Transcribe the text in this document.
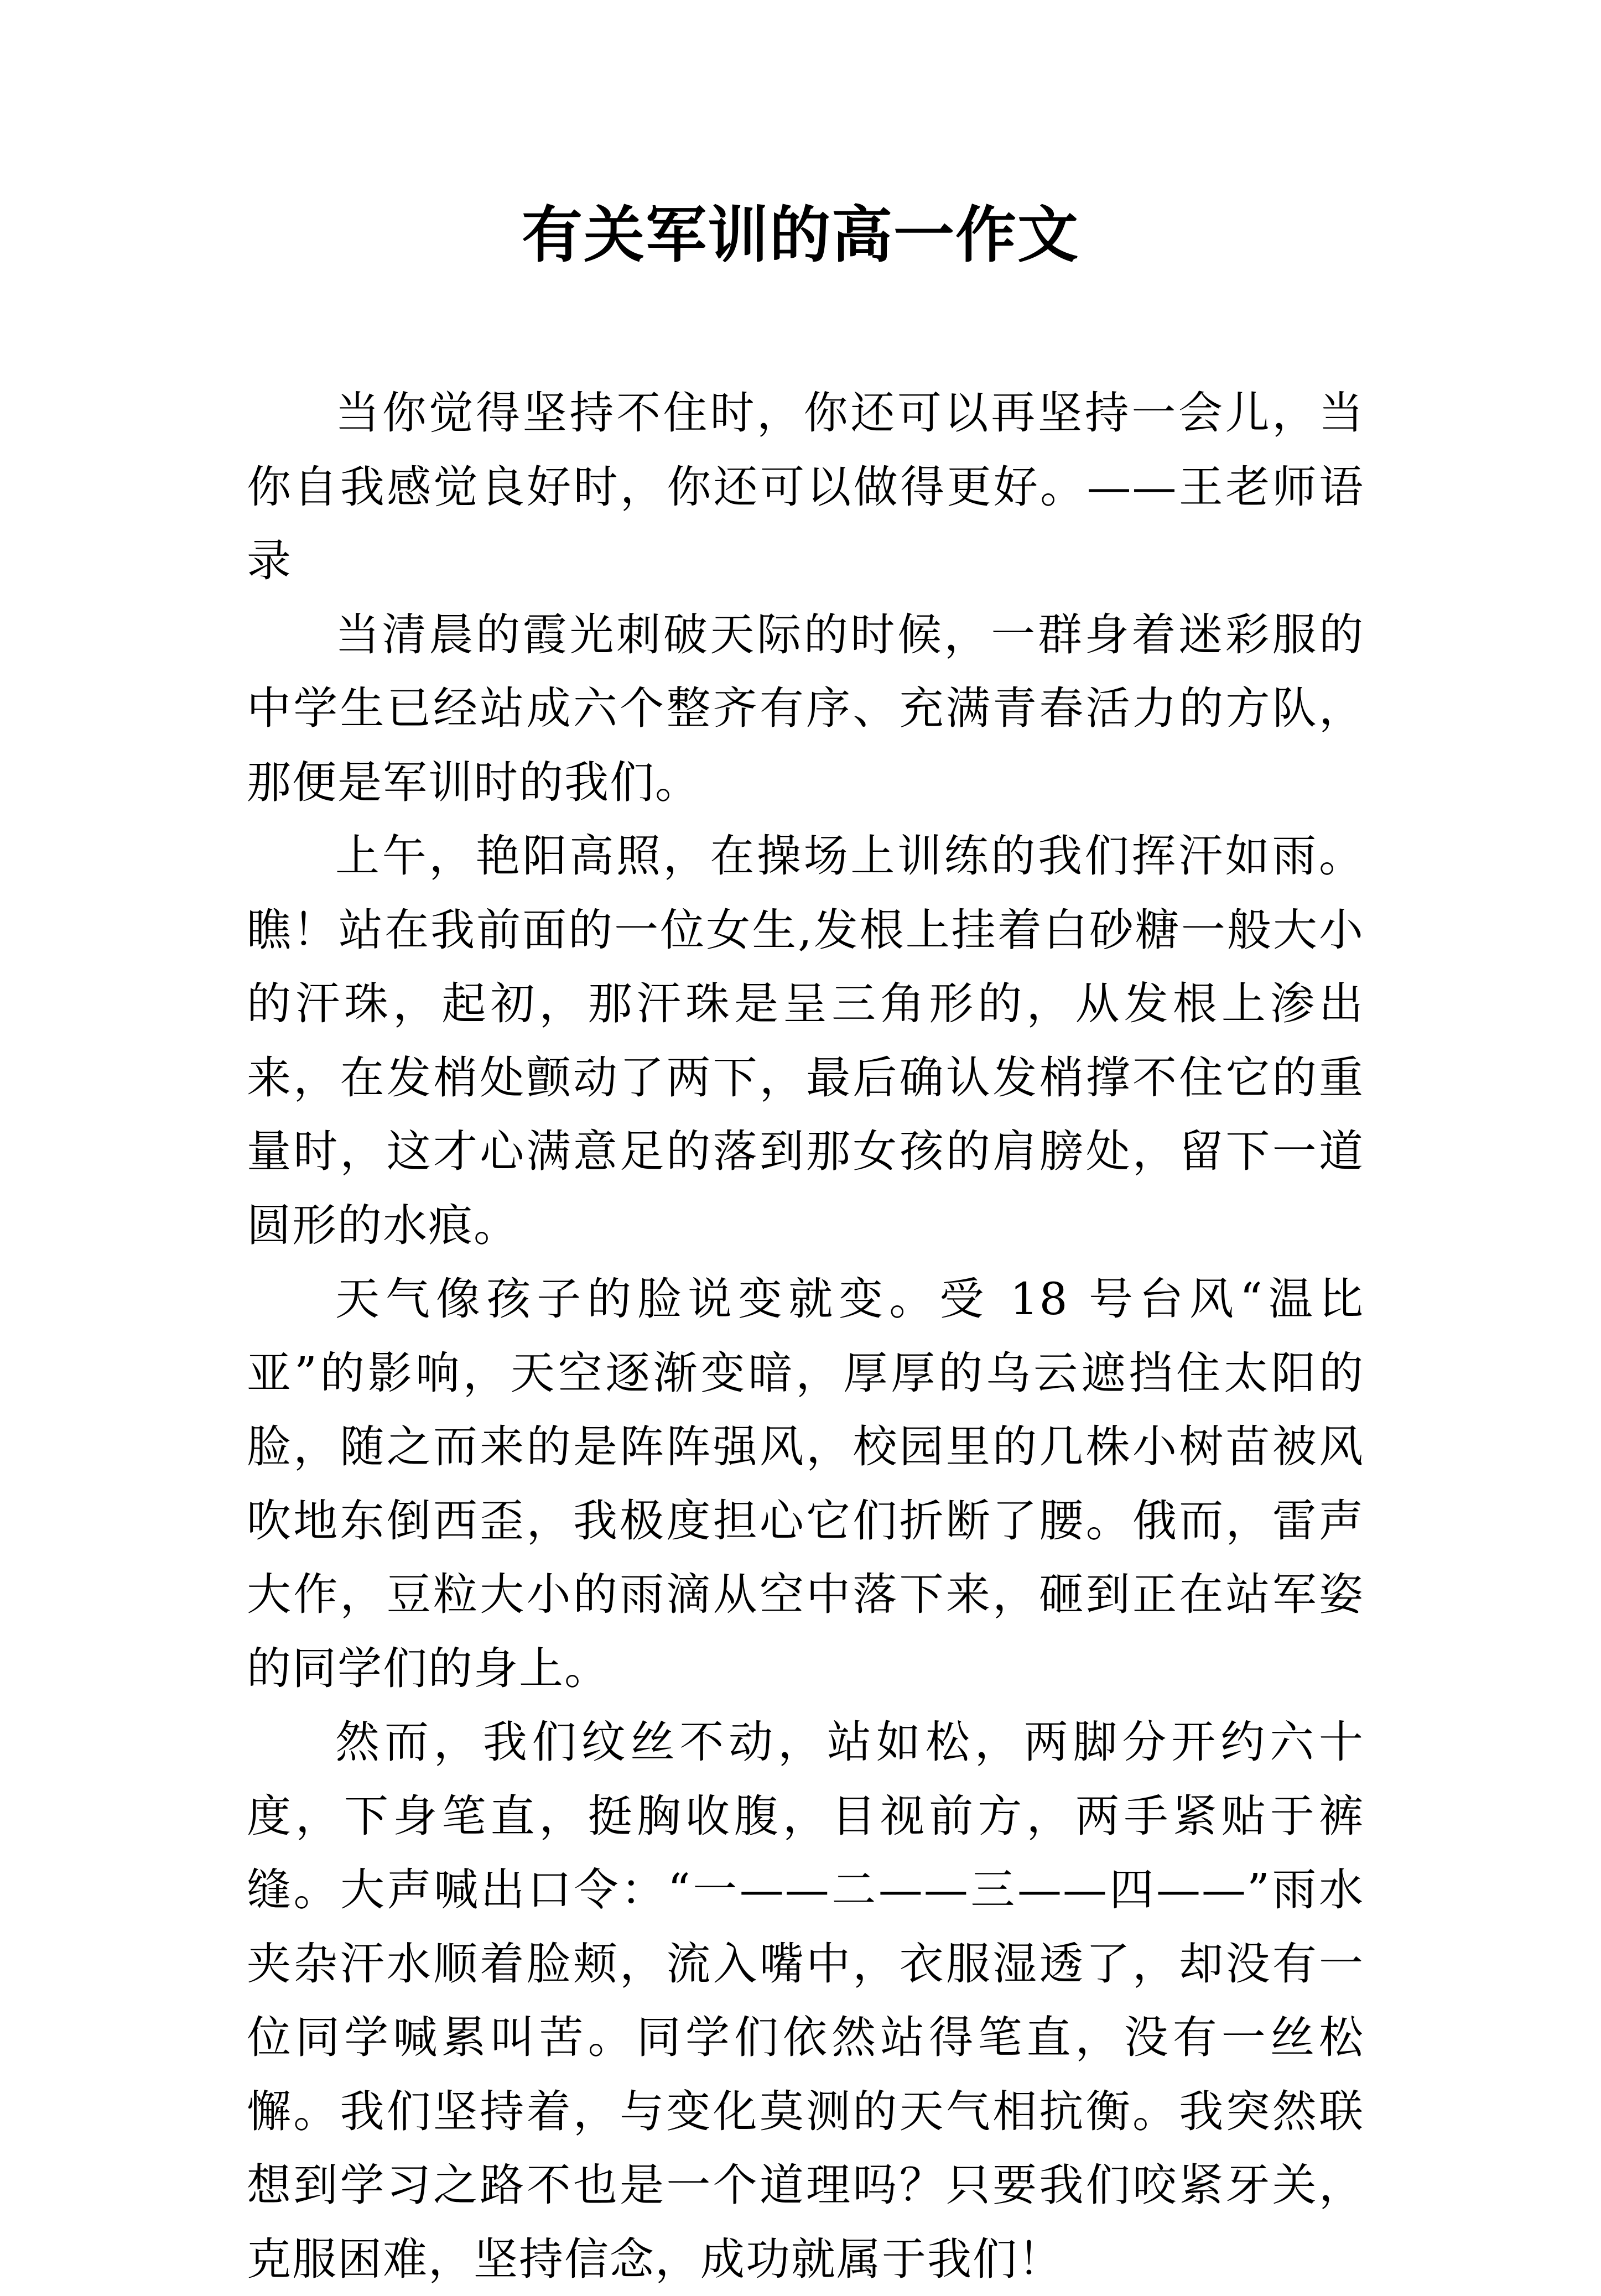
有关军训的高一作文

当你觉得坚持不住时，你还可以再坚持一会儿，当你自我感觉良好时，你还可以做得更好。——王老师语录

当清晨的霞光刺破天际的时候，一群身着迷彩服的中学生已经站成六个整齐有序、充满青春活力的方队，那便是军训时的我们。

上午，艳阳高照，在操场上训练的我们挥汗如雨。瞧！站在我前面的一位女生,发根上挂着白砂糖一般大小的汗珠，起初，那汗珠是呈三角形的，从发根上渗出来，在发梢处颤动了两下，最后确认发梢撑不住它的重量时，这才心满意足的落到那女孩的肩膀处，留下一道圆形的水痕。

天气像孩子的脸说变就变。受 18 号台风“温比亚”的影响，天空逐渐变暗，厚厚的乌云遮挡住太阳的脸，随之而来的是阵阵强风，校园里的几株小树苗被风吹地东倒西歪，我极度担心它们折断了腰。俄而，雷声大作，豆粒大小的雨滴从空中落下来，砸到正在站军姿的同学们的身上。

然而，我们纹丝不动，站如松，两脚分开约六十度，下身笔直，挺胸收腹，目视前方，两手紧贴于裤缝。大声喊出口令：“一——二——三——四——”雨水夹杂汗水顺着脸颊，流入嘴中，衣服湿透了，却没有一位同学喊累叫苦。同学们依然站得笔直，没有一丝松懈。我们坚持着，与变化莫测的天气相抗衡。我突然联想到学习之路不也是一个道理吗？只要我们咬紧牙关，克服困难，坚持信念，成功就属于我们！
